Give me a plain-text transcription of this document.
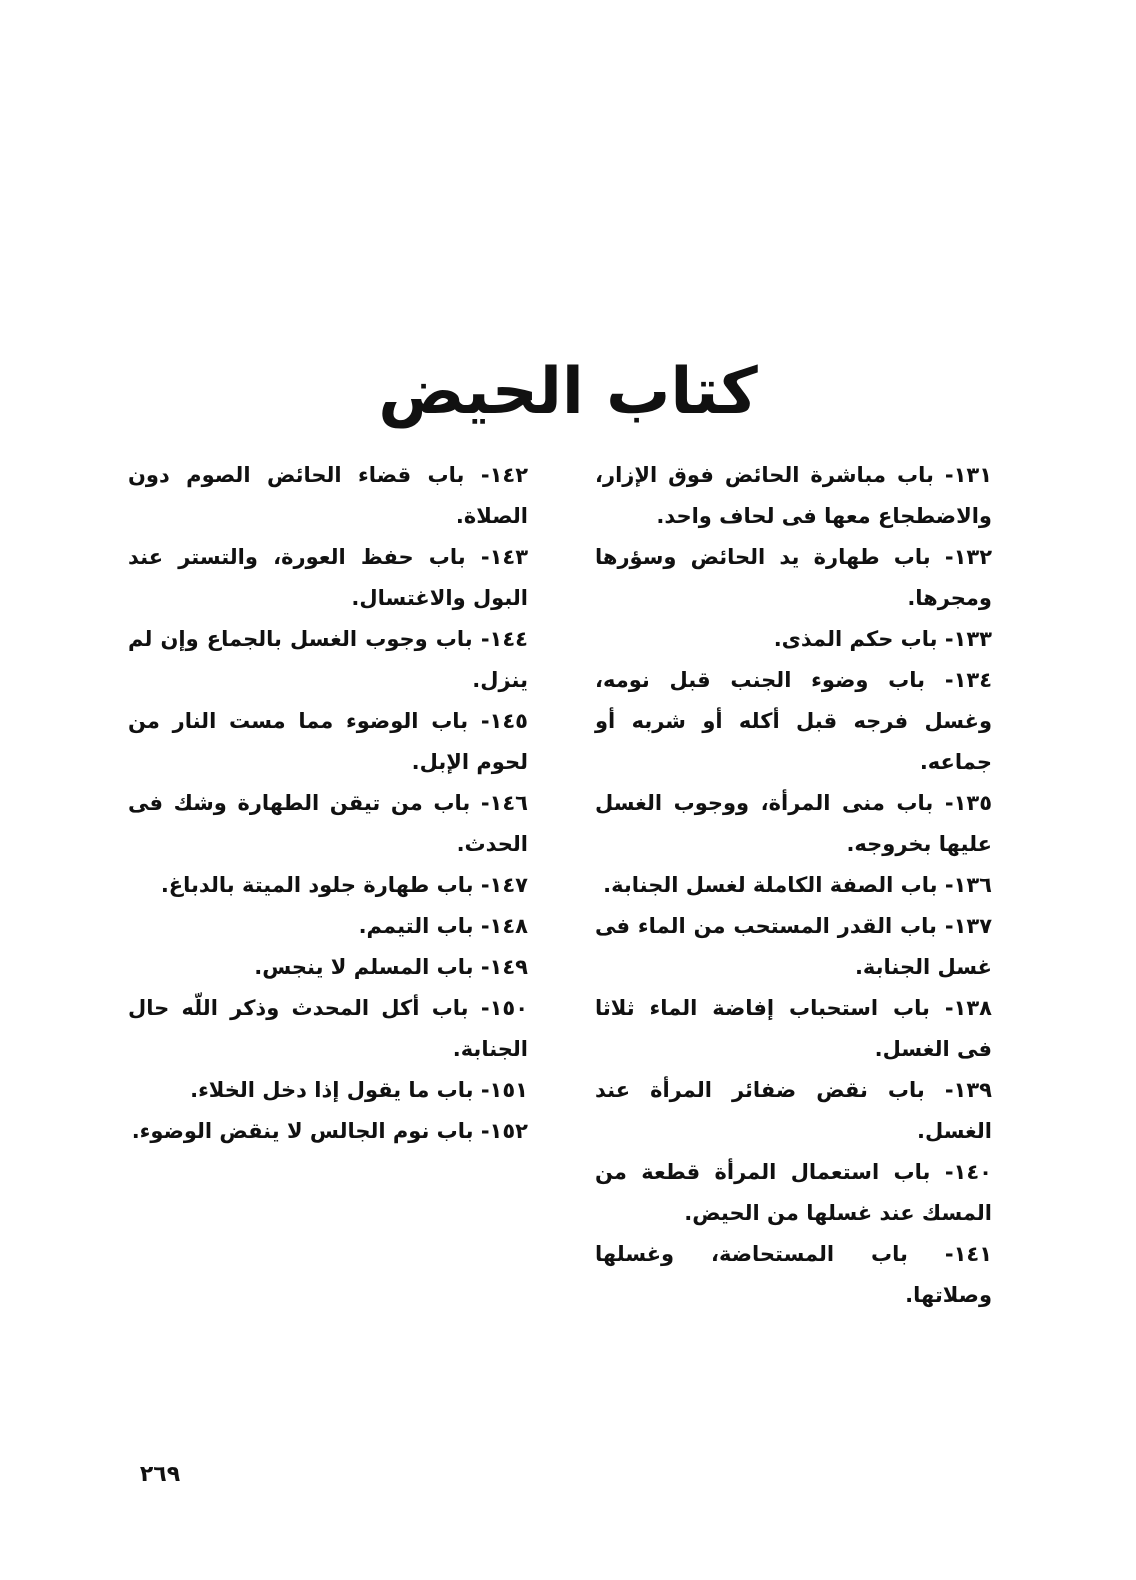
كتاب الحيض

١٣١- باب مباشرة الحائض فوق الإزار، والاضطجاع معها فى لحاف واحد.

١٣٢- باب طهارة يد الحائض وسؤرها ومجرها.

١٣٣- باب حكم المذى.

١٣٤- باب وضوء الجنب قبل نومه، وغسل فرجه قبل أكله أو شربه أو جماعه.

١٣٥- باب منى المرأة، ووجوب الغسل عليها بخروجه.

١٣٦- باب الصفة الكاملة لغسل الجنابة.

١٣٧- باب القدر المستحب من الماء فى غسل الجنابة.

١٣٨- باب استحباب إفاضة الماء ثلاثا فى الغسل.

١٣٩- باب نقض ضفائر المرأة عند الغسل.

١٤٠- باب استعمال المرأة قطعة من المسك عند غسلها من الحيض.

١٤١- باب المستحاضة، وغسلها وصلاتها.

١٤٢- باب قضاء الحائض الصوم دون الصلاة.

١٤٣- باب حفظ العورة، والتستر عند البول والاغتسال.

١٤٤- باب وجوب الغسل بالجماع وإن لم ينزل.

١٤٥- باب الوضوء مما مست النار من لحوم الإبل.

١٤٦- باب من تيقن الطهارة وشك فى الحدث.

١٤٧- باب طهارة جلود الميتة بالدباغ.

١٤٨- باب التيمم.

١٤٩- باب المسلم لا ينجس.

١٥٠- باب أكل المحدث وذكر اللّه حال الجنابة.

١٥١- باب ما يقول إذا دخل الخلاء.

١٥٢- باب نوم الجالس لا ينقض الوضوء.

٢٦٩
